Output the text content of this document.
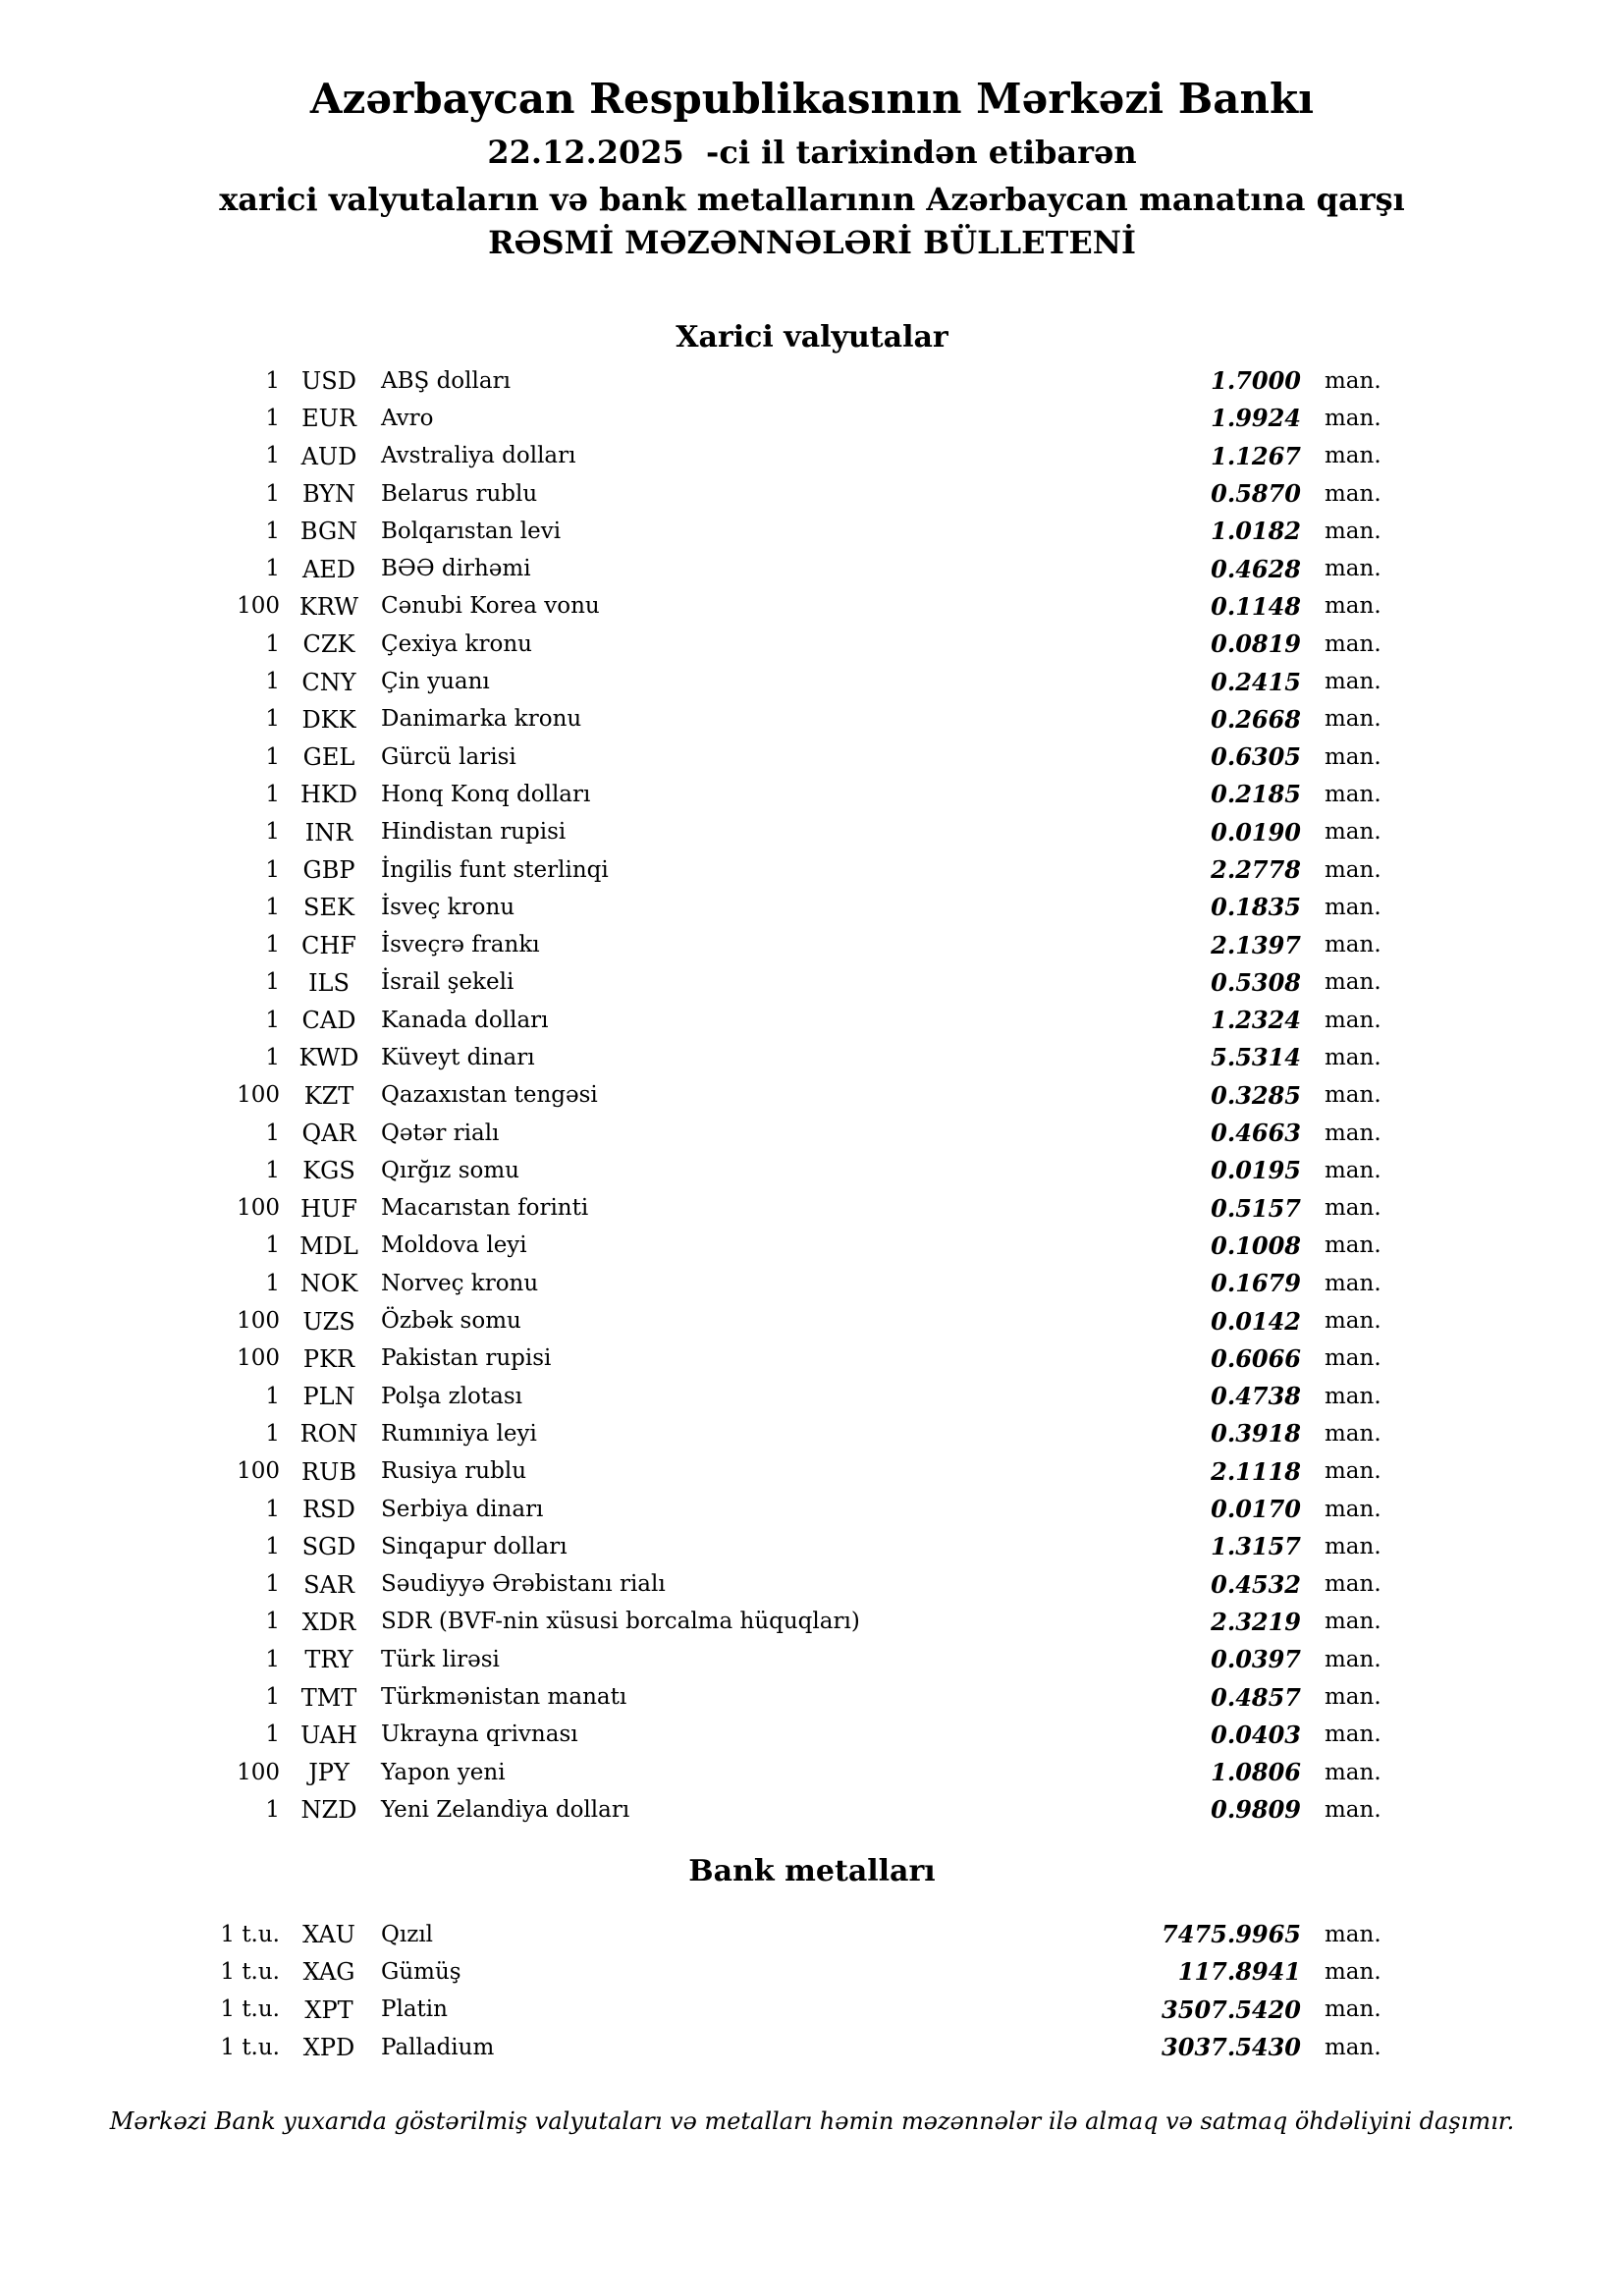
Azərbaycan Respublikasının Mərkəzi Bankı
22.12.2025  -ci il tarixindən etibarən
xarici valyutaların və bank metallarının Azərbaycan manatına qarşı
RƏSMİ MƏZƏNNƏLƏRİ BÜLLETENİ
Xarici valyutalar
1 USD	ABŞ dolları	1.7000	man.
1 EUR	Avro	1.9924	man.
1 AUD	Avstraliya dolları	1.1267	man.
1 BYN	Belarus rublu	0.5870	man.
1 BGN	Bolqarıstan levi	1.0182	man.
1 AED	BƏƏ dirhəmi	0.4628	man.
100 KRW Cənubi Korea vonu	0.1148	man.
1 CZK	Çexiya kronu	0.0819	man.
1 CNY	Çin yuanı	0.2415	man.
1 DKK	Danimarka kronu	0.2668	man.
1 GEL	Gürcü larisi	0.6305	man.
1 HKD	Honq Konq dolları	0.2185	man.
1	INR	Hindistan rupisi	0.0190	man.
1 GBP	İngilis funt sterlinqi	2.2778	man.
1	SEK	İsveç kronu	0.1835	man.
1 CHF	İsveçrə frankı	2.1397	man.
1	ILS	İsrail şekeli	0.5308	man.
1 CAD	Kanada dolları	1.2324	man.
1 KWD Küveyt dinarı	5.5314	man.
100	KZT	Qazaxıstan tengəsi	0.3285	man.
1 QAR	Qətər rialı	0.4663	man.
1 KGS	Qırğız somu	0.0195	man.
100 HUF	Macarıstan forinti	0.5157	man.
1 MDL	Moldova leyi	0.1008	man.
1 NOK	Norveç kronu	0.1679	man.
100 UZS	Özbək somu	0.0142	man.
100 PKR	Pakistan rupisi	0.6066	man.
1 PLN	Polşa zlotası	0.4738	man.
1 RON	Rumıniya leyi	0.3918	man.
100 RUB	Rusiya rublu	2.1118	man.
1 RSD	Serbiya dinarı	0.0170	man.
1 SGD	Sinqapur dolları	1.3157	man.
1	SAR	Səudiyyə Ərəbistanı rialı	0.4532	man.
1 XDR	SDR (BVF-nin xüsusi borcalma hüquqları)	2.3219	man.
1	TRY	Türk lirəsi	0.0397	man.
1 TMT	Türkmənistan manatı	0.4857	man.
1 UAH	Ukrayna qrivnası	0.0403	man.
100	JPY	Yapon yeni	1.0806	man.
1 NZD	Yeni Zelandiya dolları	0.9809	man.
Bank metalları
1 t.u. XAU	Qızıl	7475.9965	man.
1 t.u. XAG	Gümüş	117.8941	man.
1 t.u.	XPT	Platin	3507.5420	man.
1 t.u. XPD	Palladium	3037.5430	man.
Mərkəzi Bank yuxarıda göstərilmiş valyutaları və metalları həmin məzənnələr ilə almaq və satmaq öhdəliyini daşımır.
